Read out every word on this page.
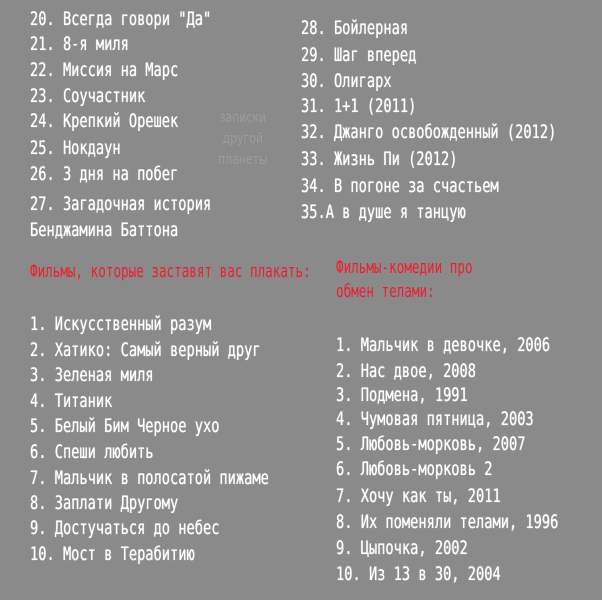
20. Всегда говори "Да"
21. 8-я миля
22. Миссия на Марс
23. Соучастник
24. Крепкий Орешек
25. Нокдаун
26. 3 дня на побег
27. Загадочная история
Бенджамина Баттона
записки
другой
планеты
28. Бойлерная
29. Шаг вперед
30. Олигарх
31. 1+1 (2011)
32. Джанго освобожденный (2012)
33. Жизнь Пи (2012)
34. В погоне за счастьем
35.А в душе я танцую
Фильмы, которые заставят вас плакать: Фильмы-комедии про
обмен телами:
1. Искусственный разум
2. Хатико: Самый верный друг
3. Зеленая миля
4. Титаник
5. Белый Бим Черное ухо
6. Спеши любить
7. Мальчик в полосатой пижаме
8. Заплати Другому
9. Достучаться до небес
10. Мост в Терабитию
1. Мальчик в девочке, 2006
2. Нас двое, 2008
3. Подмена, 1991
4. Чумовая пятница, 2003
5. Любовь-морковь, 2007
6. Любовь-морковь 2
7. Хочу как ты, 2011
8. Их поменяли телами, 1996
9. Цыпочка, 2002
10. Из 13 в 30, 2004
